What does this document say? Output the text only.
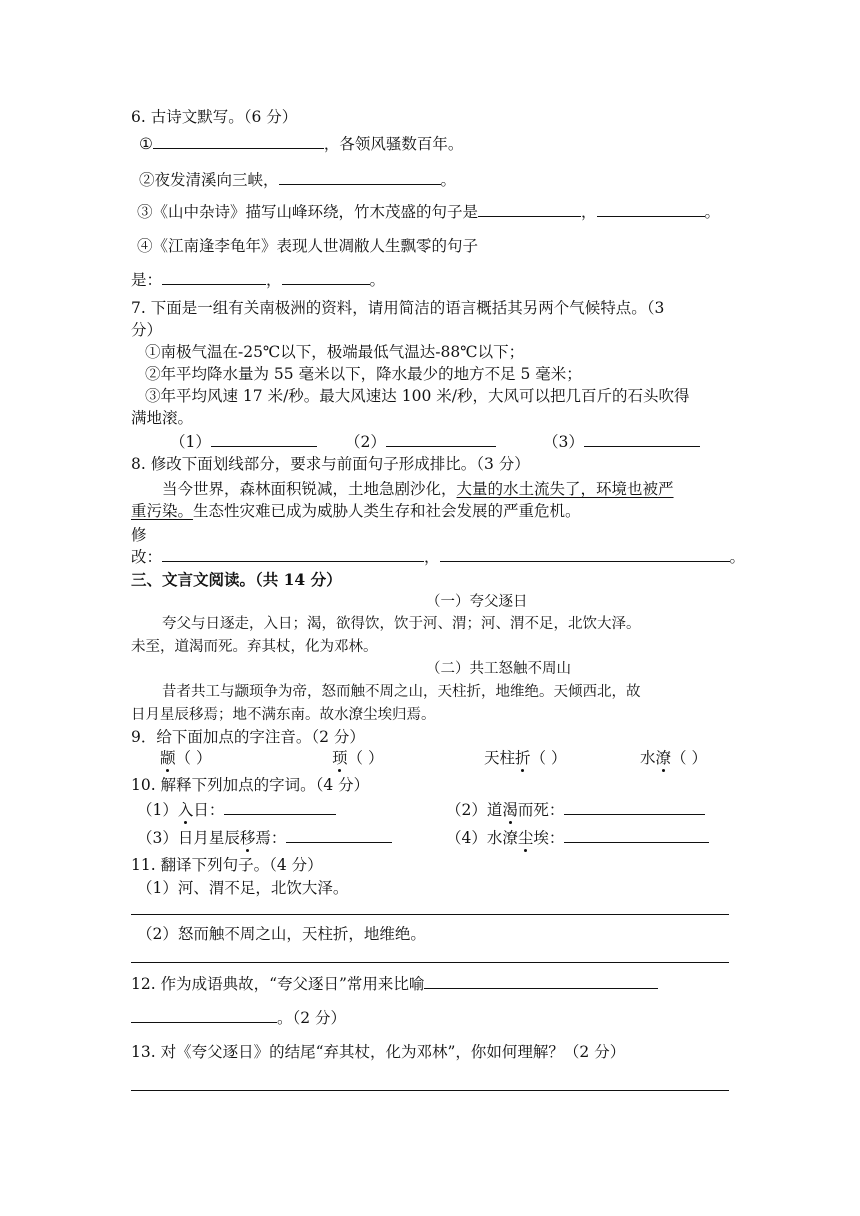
6. 古诗文默写。（6 分）
①	，各领风骚数百年。
②夜发清溪向三峡，	。
③《山中杂诗》描写山峰环绕，竹木茂盛的句子是	，	。
④《江南逢李龟年》表现人世凋敝人生飘零的句子
是：	，	。
7. 下面是一组有关南极洲的资料，请用简洁的语言概括其另两个气候特点。（3
分）
①南极气温在-25℃以下，极端最低气温达-88℃以下；
②年平均降水量为 55 毫米以下，降水最少的地方不足 5 毫米；
③年平均风速 17 米/秒。最大风速达 100 米/秒，大风可以把几百斤的石头吹得
满地滚。
（1）	（2）	（3）
8. 修改下面划线部分，要求与前面句子形成排比。（3 分）
当今世界，森林面积锐减，土地急剧沙化，大量的水土流失了，环境也被严
重污染。生态性灾难已成为威胁人类生存和社会发展的严重危机。
修
改：	，	。
三、文言文阅读。（共 14 分）
（一）夸父逐日
夸父与日逐走，入日；渴，欲得饮，饮于河、渭；河、渭不足，北饮大泽。
未至，道渴而死。弃其杖，化为邓林。
（二）共工怒触不周山
昔者共工与颛顼争为帝，怒而触不周之山，天柱折，地维绝。天倾西北，故
日月星辰移焉；地不满东南。故水潦尘埃归焉。
9．给下面加点的字注音。（2 分）
颛（ ）	顼（ ）	天柱折（ ）	水潦（ ）
10. 解释下列加点的字词。（4 分）
（1）入日：	（2）道渴而死：
（3）日月星辰移焉：	（4）水潦尘埃：
11. 翻译下列句子。（4 分）
（1）河、渭不足，北饮大泽。
（2）怒而触不周之山，天柱折，地维绝。
12. 作为成语典故，“夸父逐日”常用来比喻
。（2 分）
13. 对《夸父逐日》的结尾“弃其杖，化为邓林”，你如何理解？（2 分）
